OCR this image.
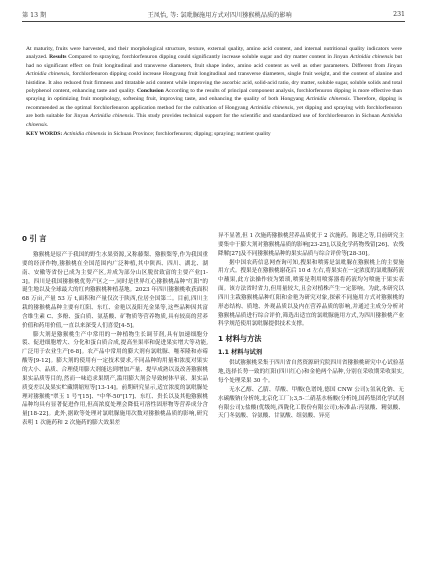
第 13 期	王凤怡, 等: 氯吡脲施用方式对四川猕猴桃品质的影响	231

At maturity, fruits were harvested, and their morphological structure, texture, external quality, amino acid content, and internal nutritional quality indicators were analyzed. Results Compared to spraying, forchlorfenuron dipping could significantly increase soluble sugar and dry matter content in Jinyan Actinidia chinensis but had no significant effect on fruit longitudinal and transverse diameters, fruit shape index, amino acid content as well as other parameters. Different from Jinyan Actinidia chinensis, forchlorfenuron dipping could increase Hongyang fruit longitudinal and transverse diameters, single fruit weight, and the content of alanine and histidine. It also reduced fruit firmness and titratable acid content while improving the ascorbic acid, solid-acid ratio, dry matter, soluble sugar, soluble solids and total polyphenol content, enhancing taste and quality. Conclusion According to the results of principal component analysis, forchlorfenuron dipping is more effective than spraying in optimizing fruit morphology, softening fruit, improving taste, and enhancing the quality of both Hongyang Actinidia chinensis. Therefore, dipping is recommended as the optimal forchlorfenuron application method for the cultivation of Hongyang Actinidia chinensis, yet dipping and spraying with forchlorfenuron are both suitable for Jinyan Actinidia chinensis. This study provides technical support for the scientific and standardized use of forchlorfenuron in Sichuan Actinidia chinensis.

KEY WORDS: Actinidia chinensis in Sichuan Province; forchlorfenuron; dipping; spraying; nutrient quality

0 引 言

猕猴桃是原产于我国的野生水果资源,又称藤梨、猕猴梨等,作为我国重要的经济作物,猕猴桃在全国范围内广泛种植,其中陕西、四川、湖北、湖南、安徽等省份已成为主要产区,并成为部分山区脱贫致富的主要产业[1-3]。四川是我国猕猴桃优势产区之一,同时是世界红心猕猴桃品种"红阳"的诞生地以及全球最大的红肉猕猴桃种植基地。2023 年四川猕猴桃收获面积 68 万亩,产量 53 万 t,面积和产量仅次于陕西,位居全国第二。目前,四川主栽的猕猴桃品种主要有红阳、东红、金艳以及阳光金果等,这些品种因其富含维生素 C、多酚、蛋白质、氨基酸、矿物质等营养物质,具有较高的营养价值和药用价值,一直以来深受人们喜爱[4-5]。

膨大剂是猕猴桃生产中常用的一种植物生长调节剂,具有加速细胞分裂、促进细胞增大、分化和蛋白质合成,提高坐果率和促进果实增大等功能,广泛用于农业生产[6-8]。农产品中常用的膨大剂有氯吡脲、噻苯隆和赤霉酸等[9-12]。膨大剂的使用有一定技术要求,不同品种的用量和浓度对果实的大小、品质、合理使用膨大剂能达到增加产量、提早成熟以及改善猕猴桃果实品质等目的,然而一味追求果期产,滥用膨大剂会导致树体早衰、果实品质变差以及果实贮藏期缩短等[13-14]。前期研究显示,适宜浓度的氯吡脲处理对猕猴桃"翠玉 1 号"[15]、"中华-50"[17]、东红、贵长以及其他猕猴桃品种均具有显著促进作用,但高浓度处理会降低可溶性固形物等营养成分含量[18-22]。此外,据欧等处理对氯吡脲施用次数对猕猴桃品质的影响,研究表明 1 次施药和 2 次施药的膨大效果差

异不显著,但 1 次施药猕猴桃营养品质优于 2 次施药。陈建之等,目前研究主要集中于膨大剂对猕猴桃品质的影响[23-25],以及化学药物残留[26]、农残降解[27]及不同猕猴桃品种的果实品质与综合评价等[28-30]。

据中国农药信息网查询可知,搜果和喷雾是氯吡脲在猕猴桃上的主要施用方式。搜果是在猕猴桃谢花后 10 d 左右,将果实在一定浓度的氯吡脲药液中蘸果,此方法操作较为繁琐,喷雾是利用喷雾器将药液均匀喷施于果实表面。该方法省时省力,但用量较大,且会对植株产生一定影响。为此,本研究以四川主栽猕猴桃品种红阳和金艳为研究对象,探索不同施用方式对猕猴桃的形态结构、质地、外观品质以及内在营养品质的影响,并通过主成分分析对猕猴桃品质进行综合评价,筛选出适宜的氯吡脲施用方式,为四川猕猴桃产业科学规范使用氯吡脲提供技术支撑。

1 材料与方法
1.1 材料与试剂

供试猕猴桃采集于四川省自然资源研究院四川省猕猴桃研究中心试验基地,选择长势一致的红阳(四川红心)和金艳两个品种,分别在采收期采收果实,每个处理采果 30 个。

无水乙醇、乙腈、草酸、甲酸(色谱纯,德国 CNW 公司);氢氧化钠、无水碳酸钠(分析纯,北京化工厂);3,5-二硝基水杨酸(分析纯,国药集团化学试剂有限公司);盐酸(优级纯,西陇化工股份有限公司);标准品:丙氨酸、精氨酸、天门冬氨酸、谷氨酸、甘氨酸、组氨酸、异亮
